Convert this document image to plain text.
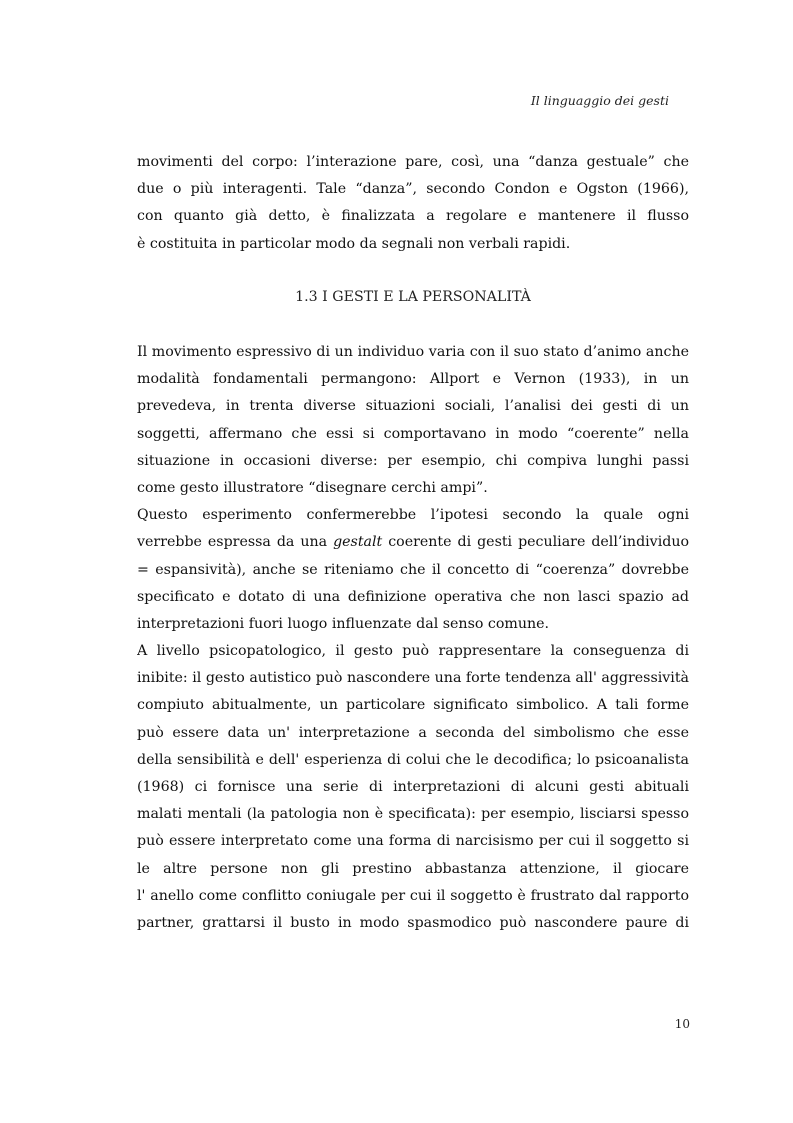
Il linguaggio dei gesti
movimenti del corpo: l’interazione pare, così, una “danza gestuale” che
due o più interagenti. Tale “danza”, secondo Condon e Ogston (1966),
con quanto già detto, è finalizzata a regolare e mantenere il flusso
è costituita in particolar modo da segnali non verbali rapidi.
1.3 I GESTI E LA PERSONALITÀ
Il movimento espressivo di un individuo varia con il suo stato d’animo anche
modalità fondamentali permangono: Allport e Vernon (1933), in un
prevedeva, in trenta diverse situazioni sociali, l’analisi dei gesti di un
soggetti, affermano che essi si comportavano in modo “coerente” nella
situazione in occasioni diverse: per esempio, chi compiva lunghi passi
come gesto illustratore “disegnare cerchi ampi”.
Questo esperimento confermerebbe l’ipotesi secondo la quale ogni
verrebbe espressa da una gestalt coerente di gesti peculiare dell’individuo
= espansività), anche se riteniamo che il concetto di “coerenza” dovrebbe
specificato e dotato di una definizione operativa che non lasci spazio ad
interpretazioni fuori luogo influenzate dal senso comune.
A livello psicopatologico, il gesto può rappresentare la conseguenza di
inibite: il gesto autistico può nascondere una forte tendenza all' aggressività
compiuto abitualmente, un particolare significato simbolico. A tali forme
può essere data un' interpretazione a seconda del simbolismo che esse
della sensibilità e dell' esperienza di colui che le decodifica; lo psicoanalista
(1968) ci fornisce una serie di interpretazioni di alcuni gesti abituali
malati mentali (la patologia non è specificata): per esempio, lisciarsi spesso
può essere interpretato come una forma di narcisismo per cui il soggetto si
le altre persone non gli prestino abbastanza attenzione, il giocare
l' anello come conflitto coniugale per cui il soggetto è frustrato dal rapporto
partner, grattarsi il busto in modo spasmodico può nascondere paure di
10
